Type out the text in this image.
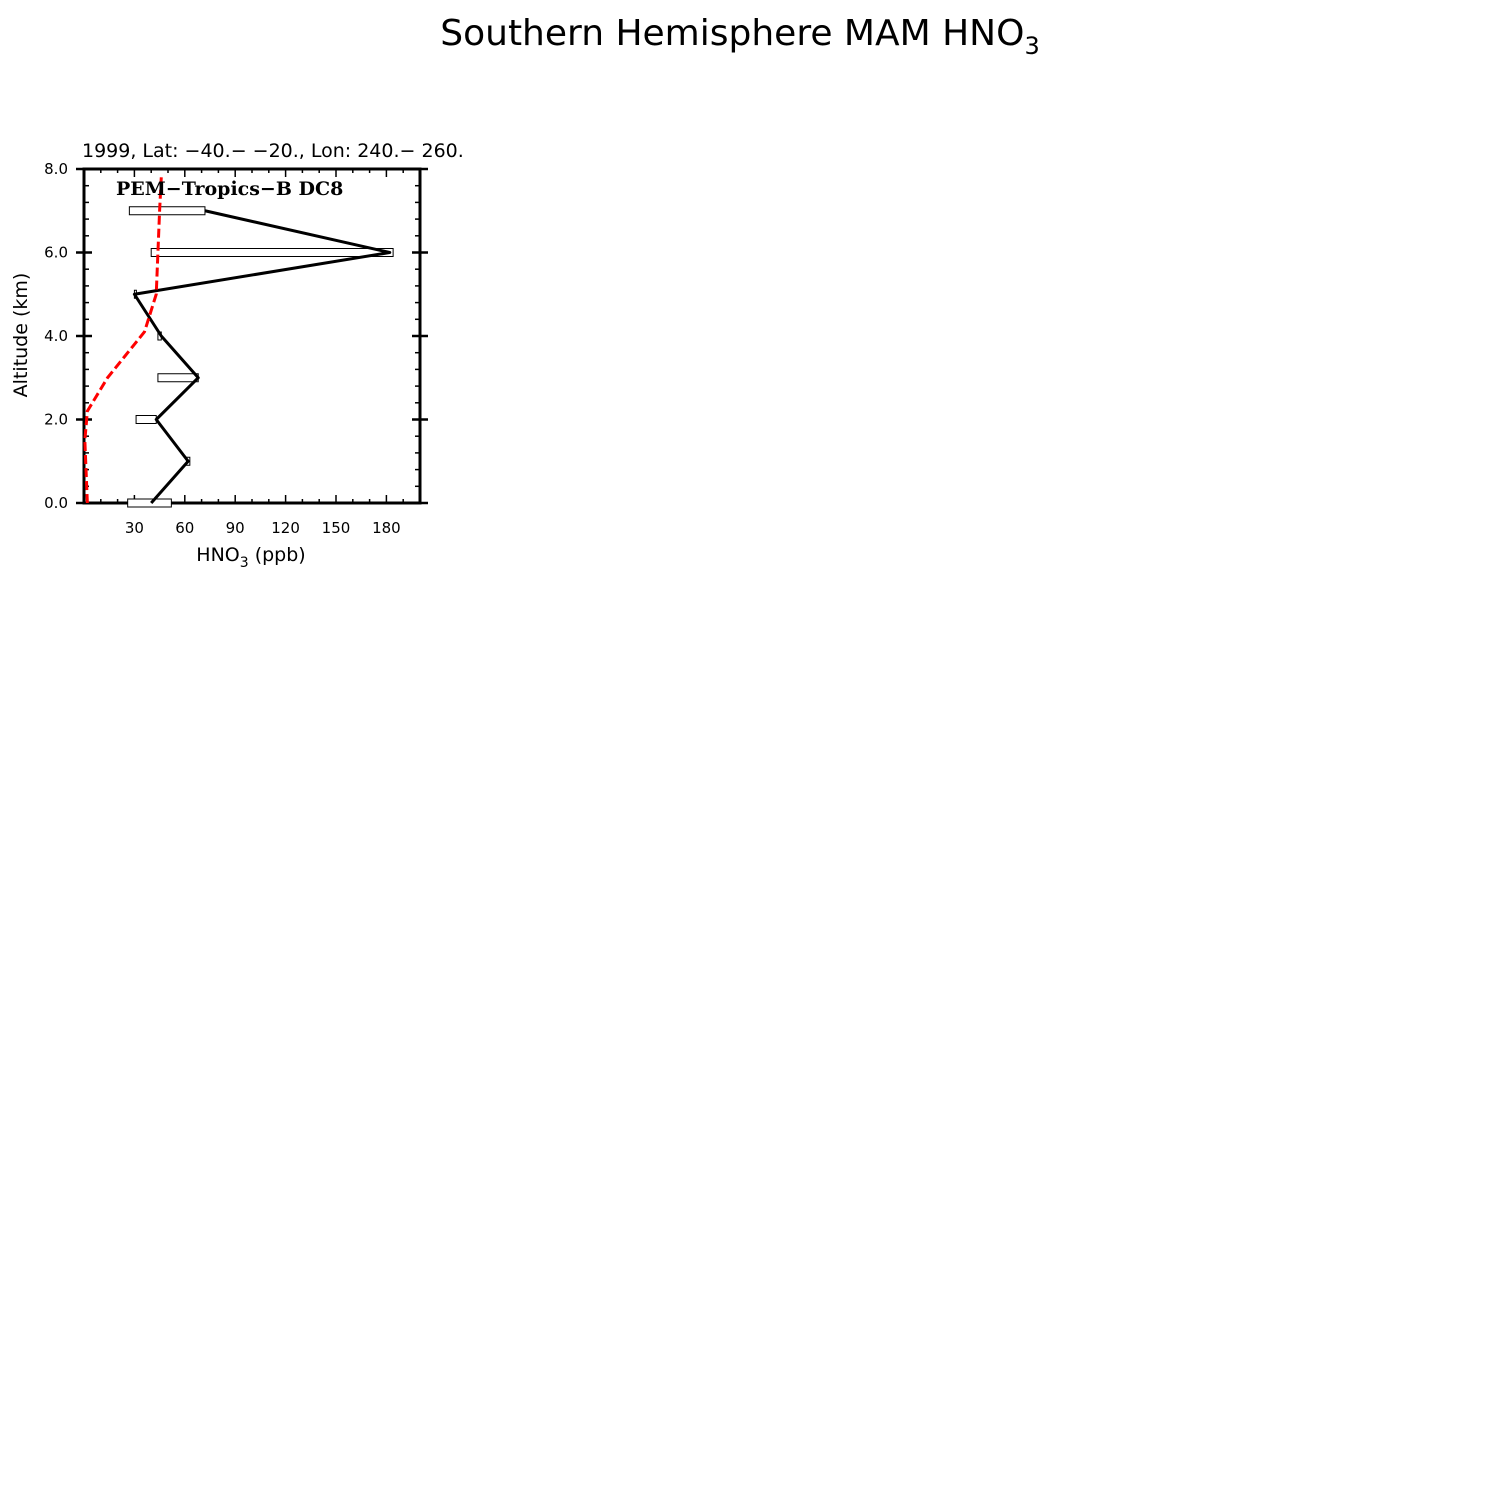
Southern Hemisphere MAM $HNO_3$
1999, Lat: −40.− −20., Lon: 240.− 260.
30 60 90 120 150 180
0.0
2.0
4.0
6.0
8.0
PEM−Tropics−B DC8
$HNO_3$ (ppb)
Altitude (km)
